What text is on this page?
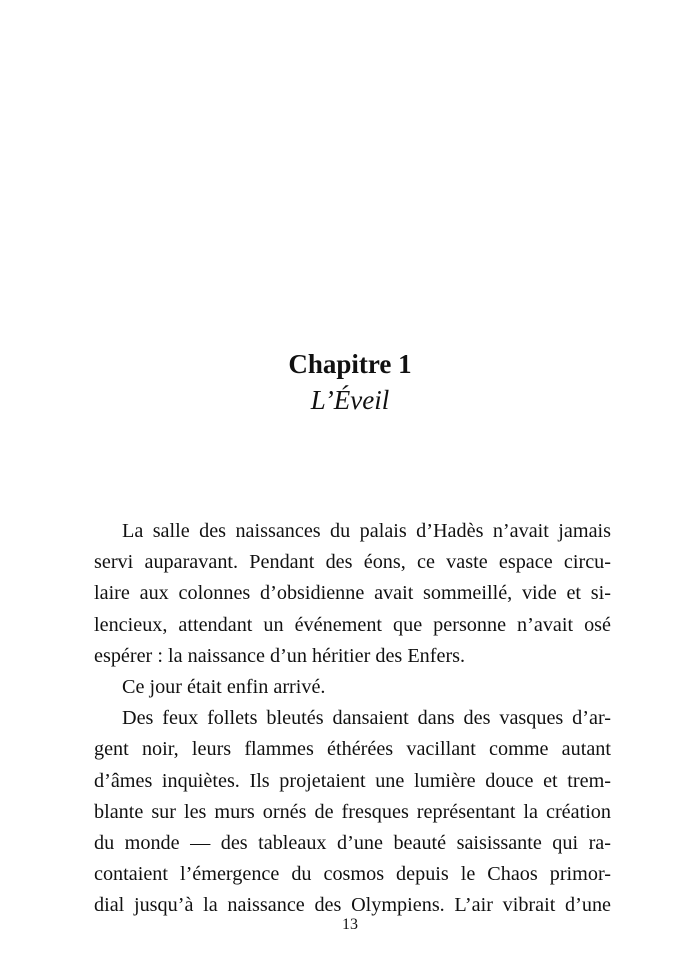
Chapitre 1

L’Éveil

La salle des naissances du palais d’Hadès n’avait jamais
servi auparavant. Pendant des éons, ce vaste espace circu-
laire aux colonnes d’obsidienne avait sommeillé, vide et si-
lencieux, attendant un événement que personne n’avait osé
espérer : la naissance d’un héritier des Enfers.
Ce jour était enfin arrivé.
Des feux follets bleutés dansaient dans des vasques d’ar-
gent noir, leurs flammes éthérées vacillant comme autant
d’âmes inquiètes. Ils projetaient une lumière douce et trem-
blante sur les murs ornés de fresques représentant la création
du monde — des tableaux d’une beauté saisissante qui ra-
contaient l’émergence du cosmos depuis le Chaos primor-
dial jusqu’à la naissance des Olympiens. L’air vibrait d’une
13
